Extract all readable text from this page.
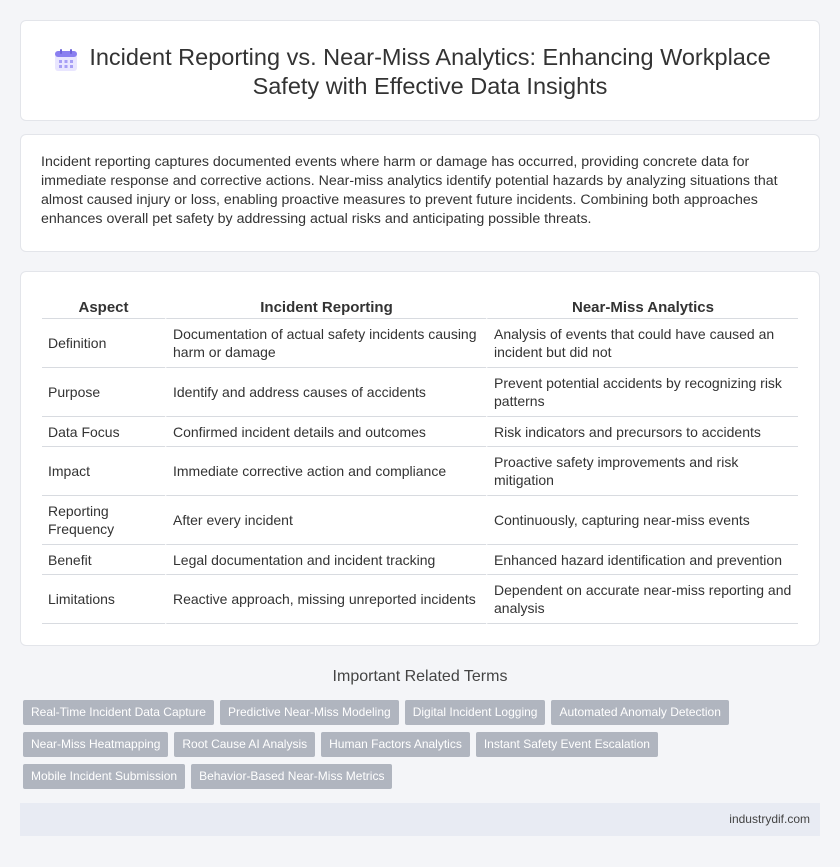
Incident Reporting vs. Near-Miss Analytics: Enhancing Workplace Safety with Effective Data Insights

Incident reporting captures documented events where harm or damage has occurred, providing concrete data for immediate response and corrective actions. Near-miss analytics identify potential hazards by analyzing situations that almost caused injury or loss, enabling proactive measures to prevent future incidents. Combining both approaches enhances overall pet safety by addressing actual risks and anticipating possible threats.

Aspect	Incident Reporting	Near-Miss Analytics
Definition	Documentation of actual safety incidents causing harm or damage	Analysis of events that could have caused an incident but did not
Purpose	Identify and address causes of accidents	Prevent potential accidents by recognizing risk patterns
Data Focus	Confirmed incident details and outcomes	Risk indicators and precursors to accidents
Impact	Immediate corrective action and compliance	Proactive safety improvements and risk mitigation
Reporting Frequency	After every incident	Continuously, capturing near-miss events
Benefit	Legal documentation and incident tracking	Enhanced hazard identification and prevention
Limitations	Reactive approach, missing unreported incidents	Dependent on accurate near-miss reporting and analysis
Important Related Terms
Real-Time Incident Data Capture	Predictive Near-Miss Modeling	Digital Incident Logging	Automated Anomaly Detection
Near-Miss Heatmapping	Root Cause AI Analysis	Human Factors Analytics	Instant Safety Event Escalation
Mobile Incident Submission	Behavior-Based Near-Miss Metrics
industrydif.com
